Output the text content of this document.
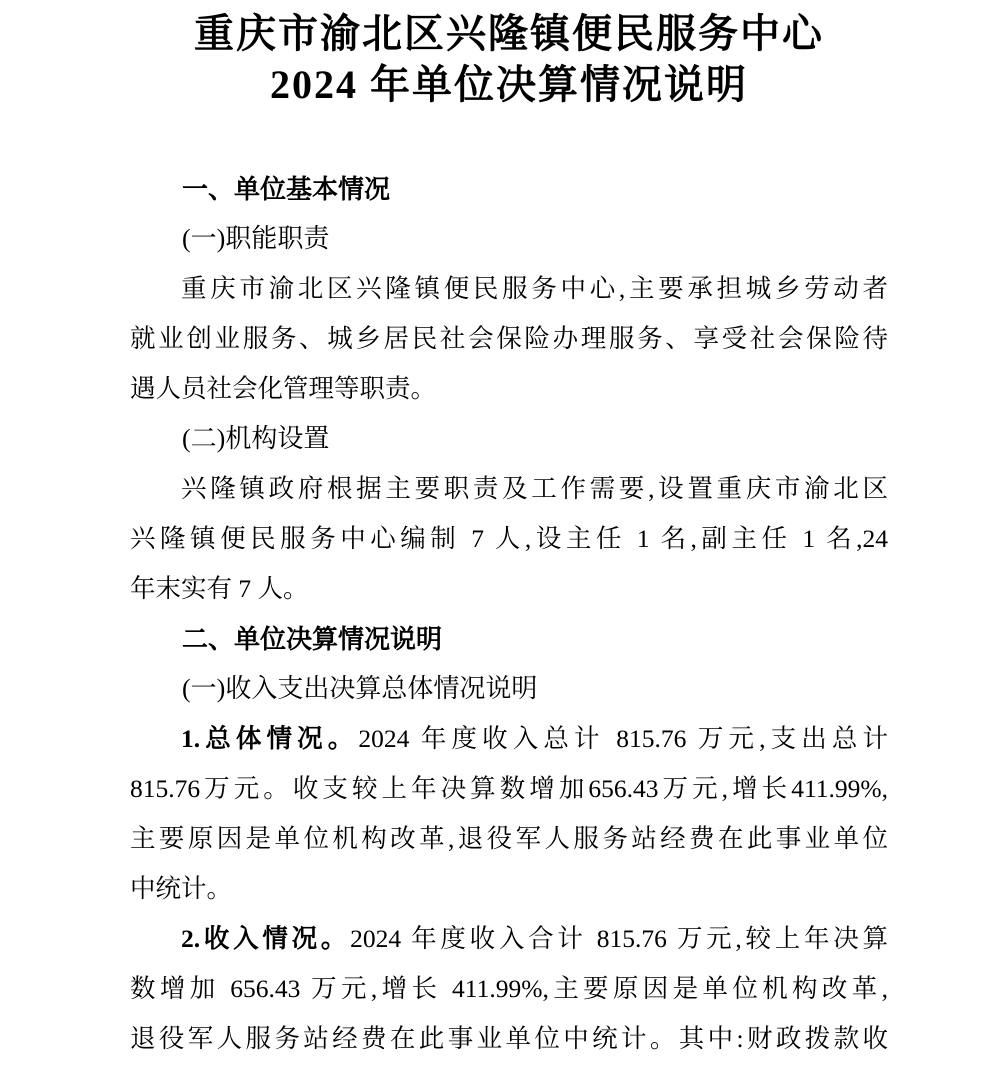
重庆市渝北区兴隆镇便民服务中心
2024 年单位决算情况说明
一、单位基本情况
(一)职能职责
重庆市渝北区兴隆镇便民服务中心,主要承担城乡劳动者
就业创业服务、城乡居民社会保险办理服务、享受社会保险待
遇人员社会化管理等职责。
(二)机构设置
兴隆镇政府根据主要职责及工作需要,设置重庆市渝北区
兴隆镇便民服务中心编制 7 人,设主任 1 名,副主任 1 名,24
年末实有 7 人。
二、单位决算情况说明
(一)收入支出决算总体情况说明
1.总体情况。2024 年度收入总计 815.76 万元,支出总计
815.76万元。收支较上年决算数增加656.43万元,增长411.99%,
主要原因是单位机构改革,退役军人服务站经费在此事业单位
中统计。
2.收入情况。2024 年度收入合计 815.76 万元,较上年决算
数增加 656.43 万元,增长 411.99%,主要原因是单位机构改革,
退役军人服务站经费在此事业单位中统计。其中:财政拨款收
